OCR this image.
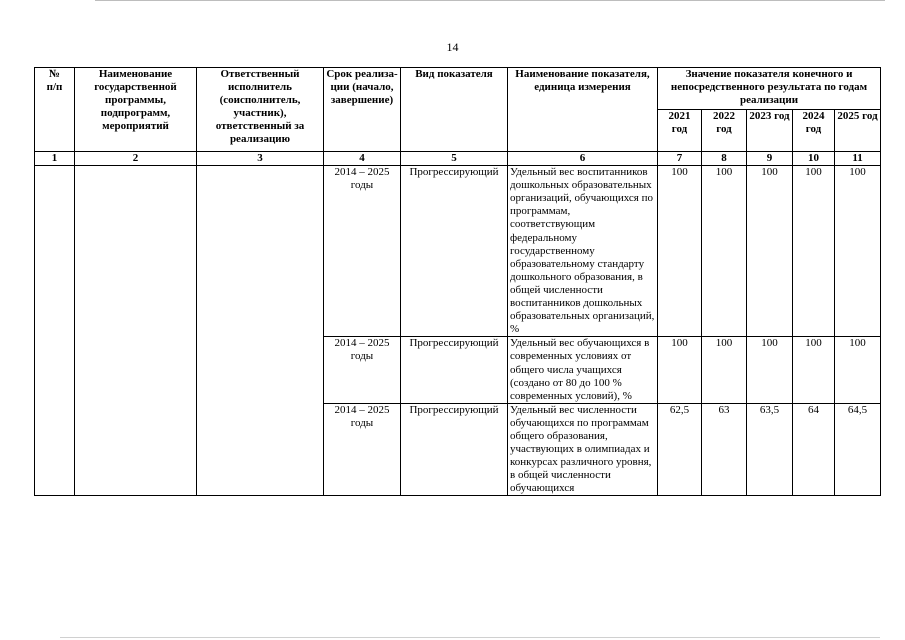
14
№
п/п	Наименование государственной программы, подпрограмм, мероприятий	Ответственный исполнитель (соисполнитель, участник), ответственный за реализацию	Срок реализа-ции (начало, завершение)	Вид показателя	Наименование показателя, единица измерения	Значение показателя конечного и непосредственного результата по годам реализации				
						2021 год	2022 год	2023 год	2024 год	2025 год
1	2	3	4	5	6	7	8	9	10	11
			2014 – 2025 годы	Прогрессирующий	Удельный вес воспитанников дошкольных образовательных организаций, обучающихся по программам, соответствующим федеральному государственному образовательному стандарту дошкольного образования, в общей численности воспитанников дошкольных образовательных организаций, %	100	100	100	100	100
			2014 – 2025 годы	Прогрессирующий	Удельный вес обучающихся в современных условиях от общего числа учащихся (создано от 80 до 100 % современных условий), %	100	100	100	100	100
			2014 – 2025 годы	Прогрессирующий	Удельный вес численности обучающихся по программам общего образования, участвующих в олимпиадах и конкурсах различного уровня, в общей численности обучающихся	62,5	63	63,5	64	64,5
